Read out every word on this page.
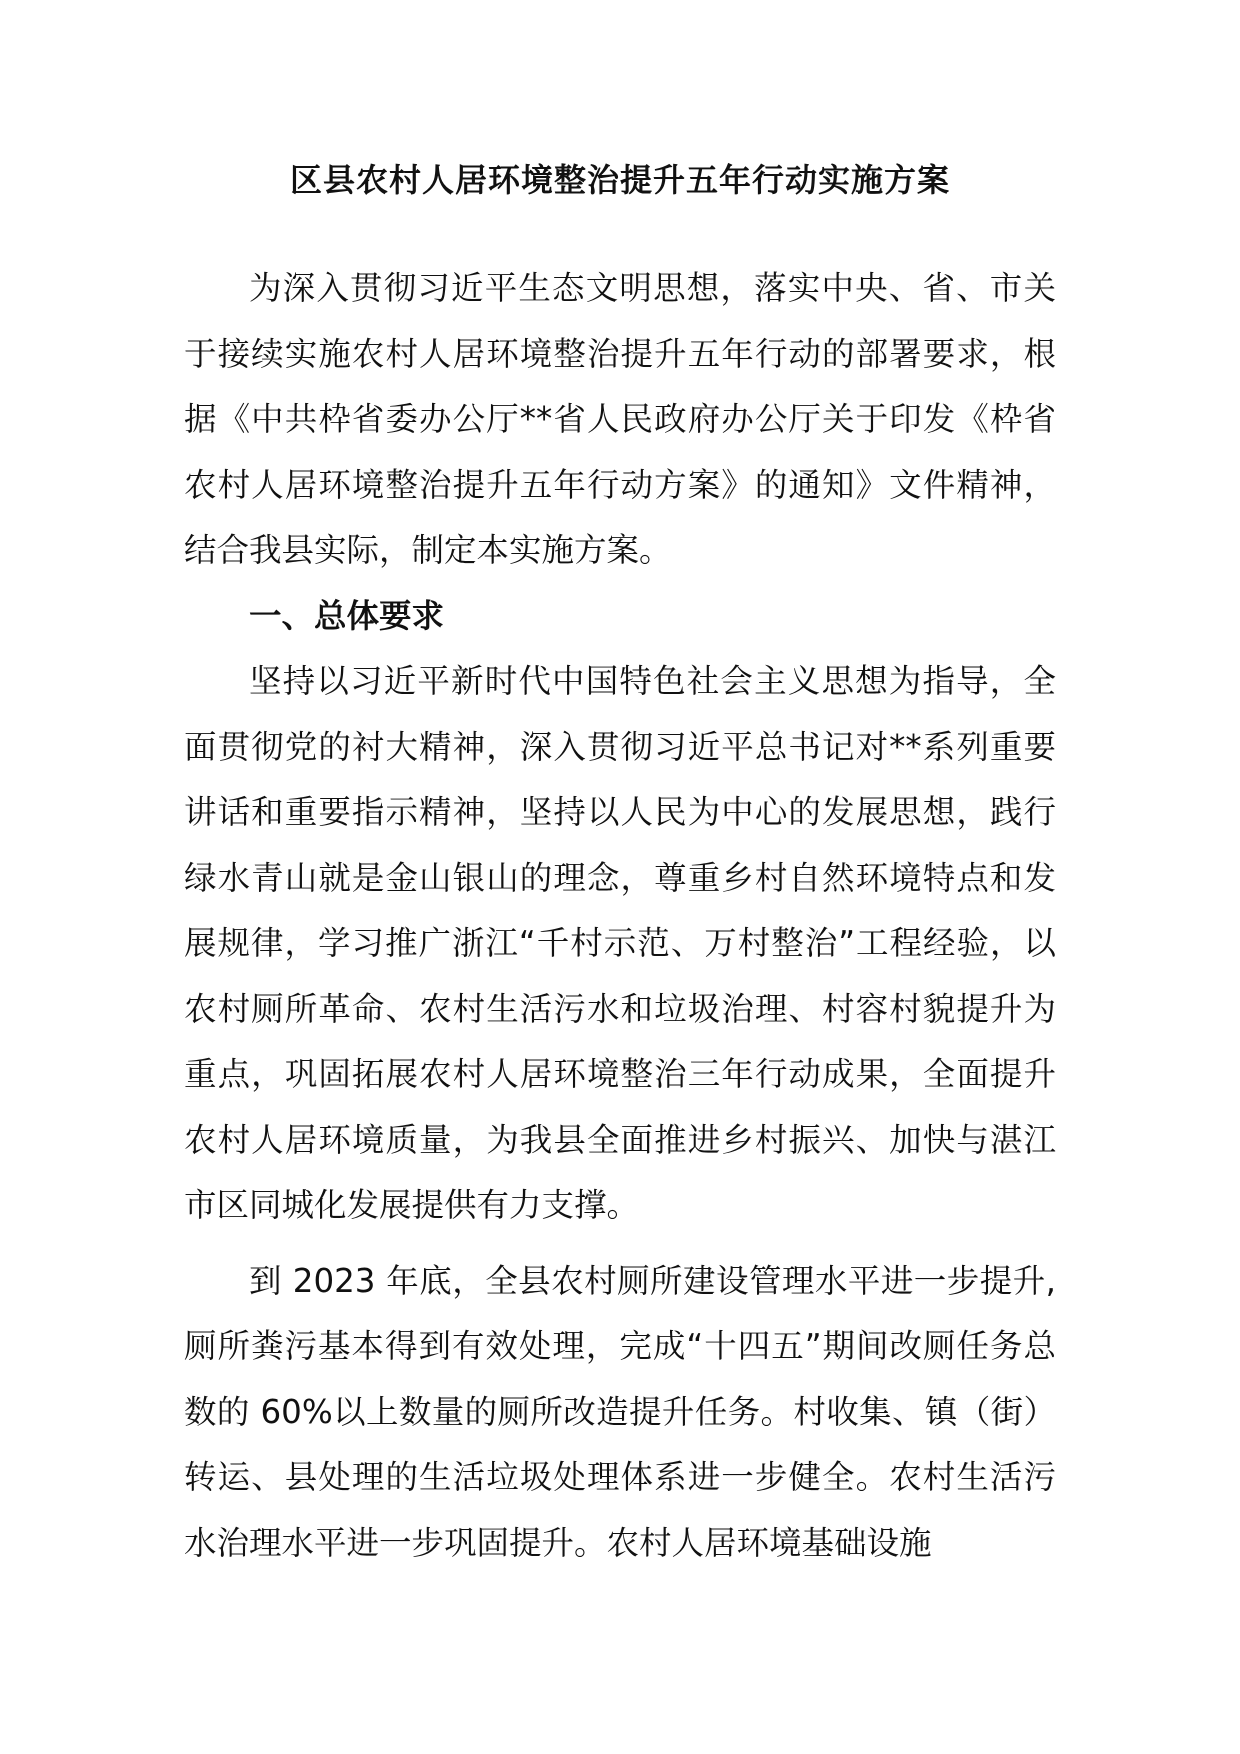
区县农村人居环境整治提升五年行动实施方案

为深入贯彻习近平生态文明思想，落实中央、省、市关于接续实施农村人居环境整治提升五年行动的部署要求，根据《中共枠省委办公厅**省人民政府办公厅关于印发《枠省农村人居环境整治提升五年行动方案》的通知》文件精神，结合我县实际，制定本实施方案。

一、总体要求

坚持以习近平新时代中国特色社会主义思想为指导，全面贯彻党的衬大精神，深入贯彻习近平总书记对**系列重要讲话和重要指示精神，坚持以人民为中心的发展思想，践行绿水青山就是金山银山的理念，尊重乡村自然环境特点和发展规律，学习推广浙江“千村示范、万村整治”工程经验，以农村厕所革命、农村生活污水和垃圾治理、村容村貌提升为重点，巩固拓展农村人居环境整治三年行动成果，全面提升农村人居环境质量，为我县全面推进乡村振兴、加快与湛江市区同城化发展提供有力支撑。

到 2023 年底，全县农村厕所建设管理水平进一步提升,厕所粪污基本得到有效处理，完成“十四五”期间改厕任务总数的 60%以上数量的厕所改造提升任务。村收集、镇（街）转运、县处理的生活垃圾处理体系进一步健全。农村生活污水治理水平进一步巩固提升。农村人居环境基础设施
